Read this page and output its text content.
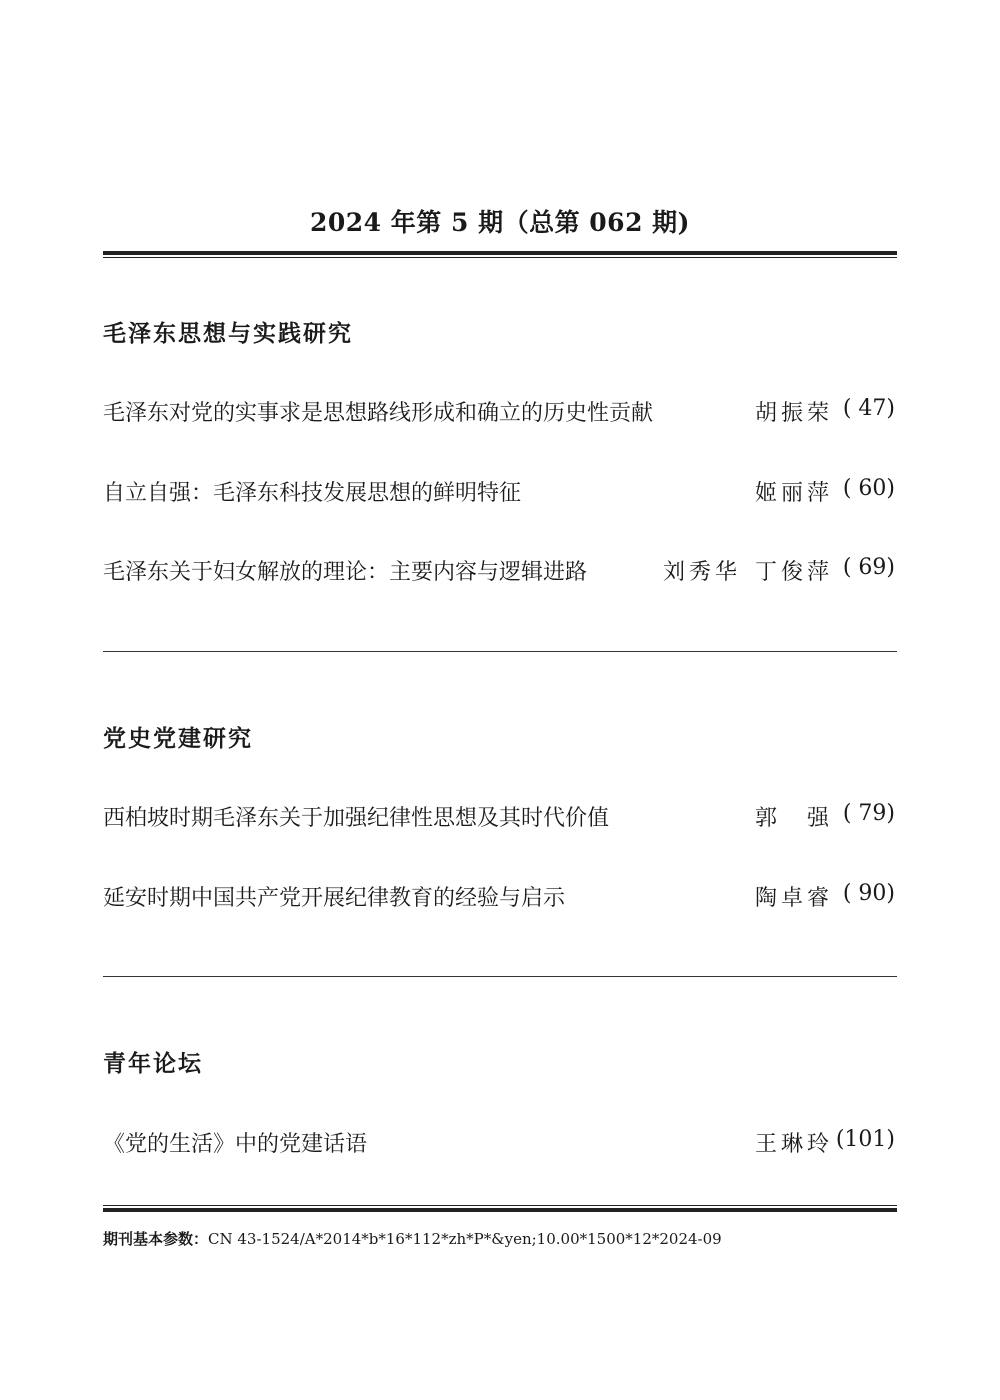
2024 年第 5 期（总第 062 期)
毛泽东思想与实践研究
毛泽东对党的实事求是思想路线形成和确立的历史性贡献	胡振荣 ( 47)
自立自强：毛泽东科技发展思想的鲜明特征	姬丽萍 ( 60)
毛泽东关于妇女解放的理论：主要内容与逻辑进路	刘秀华 丁俊萍 ( 69)
党史党建研究
西柏坡时期毛泽东关于加强纪律性思想及其时代价值	郭　强 ( 79)
延安时期中国共产党开展纪律教育的经验与启示	陶卓睿 ( 90)
青年论坛
《党的生活》中的党建话语	王琳玲 (101)
期刊基本参数：CN 43-1524/A*2014*b*16*112*zh*P*&yen;10.00*1500*12*2024-09
